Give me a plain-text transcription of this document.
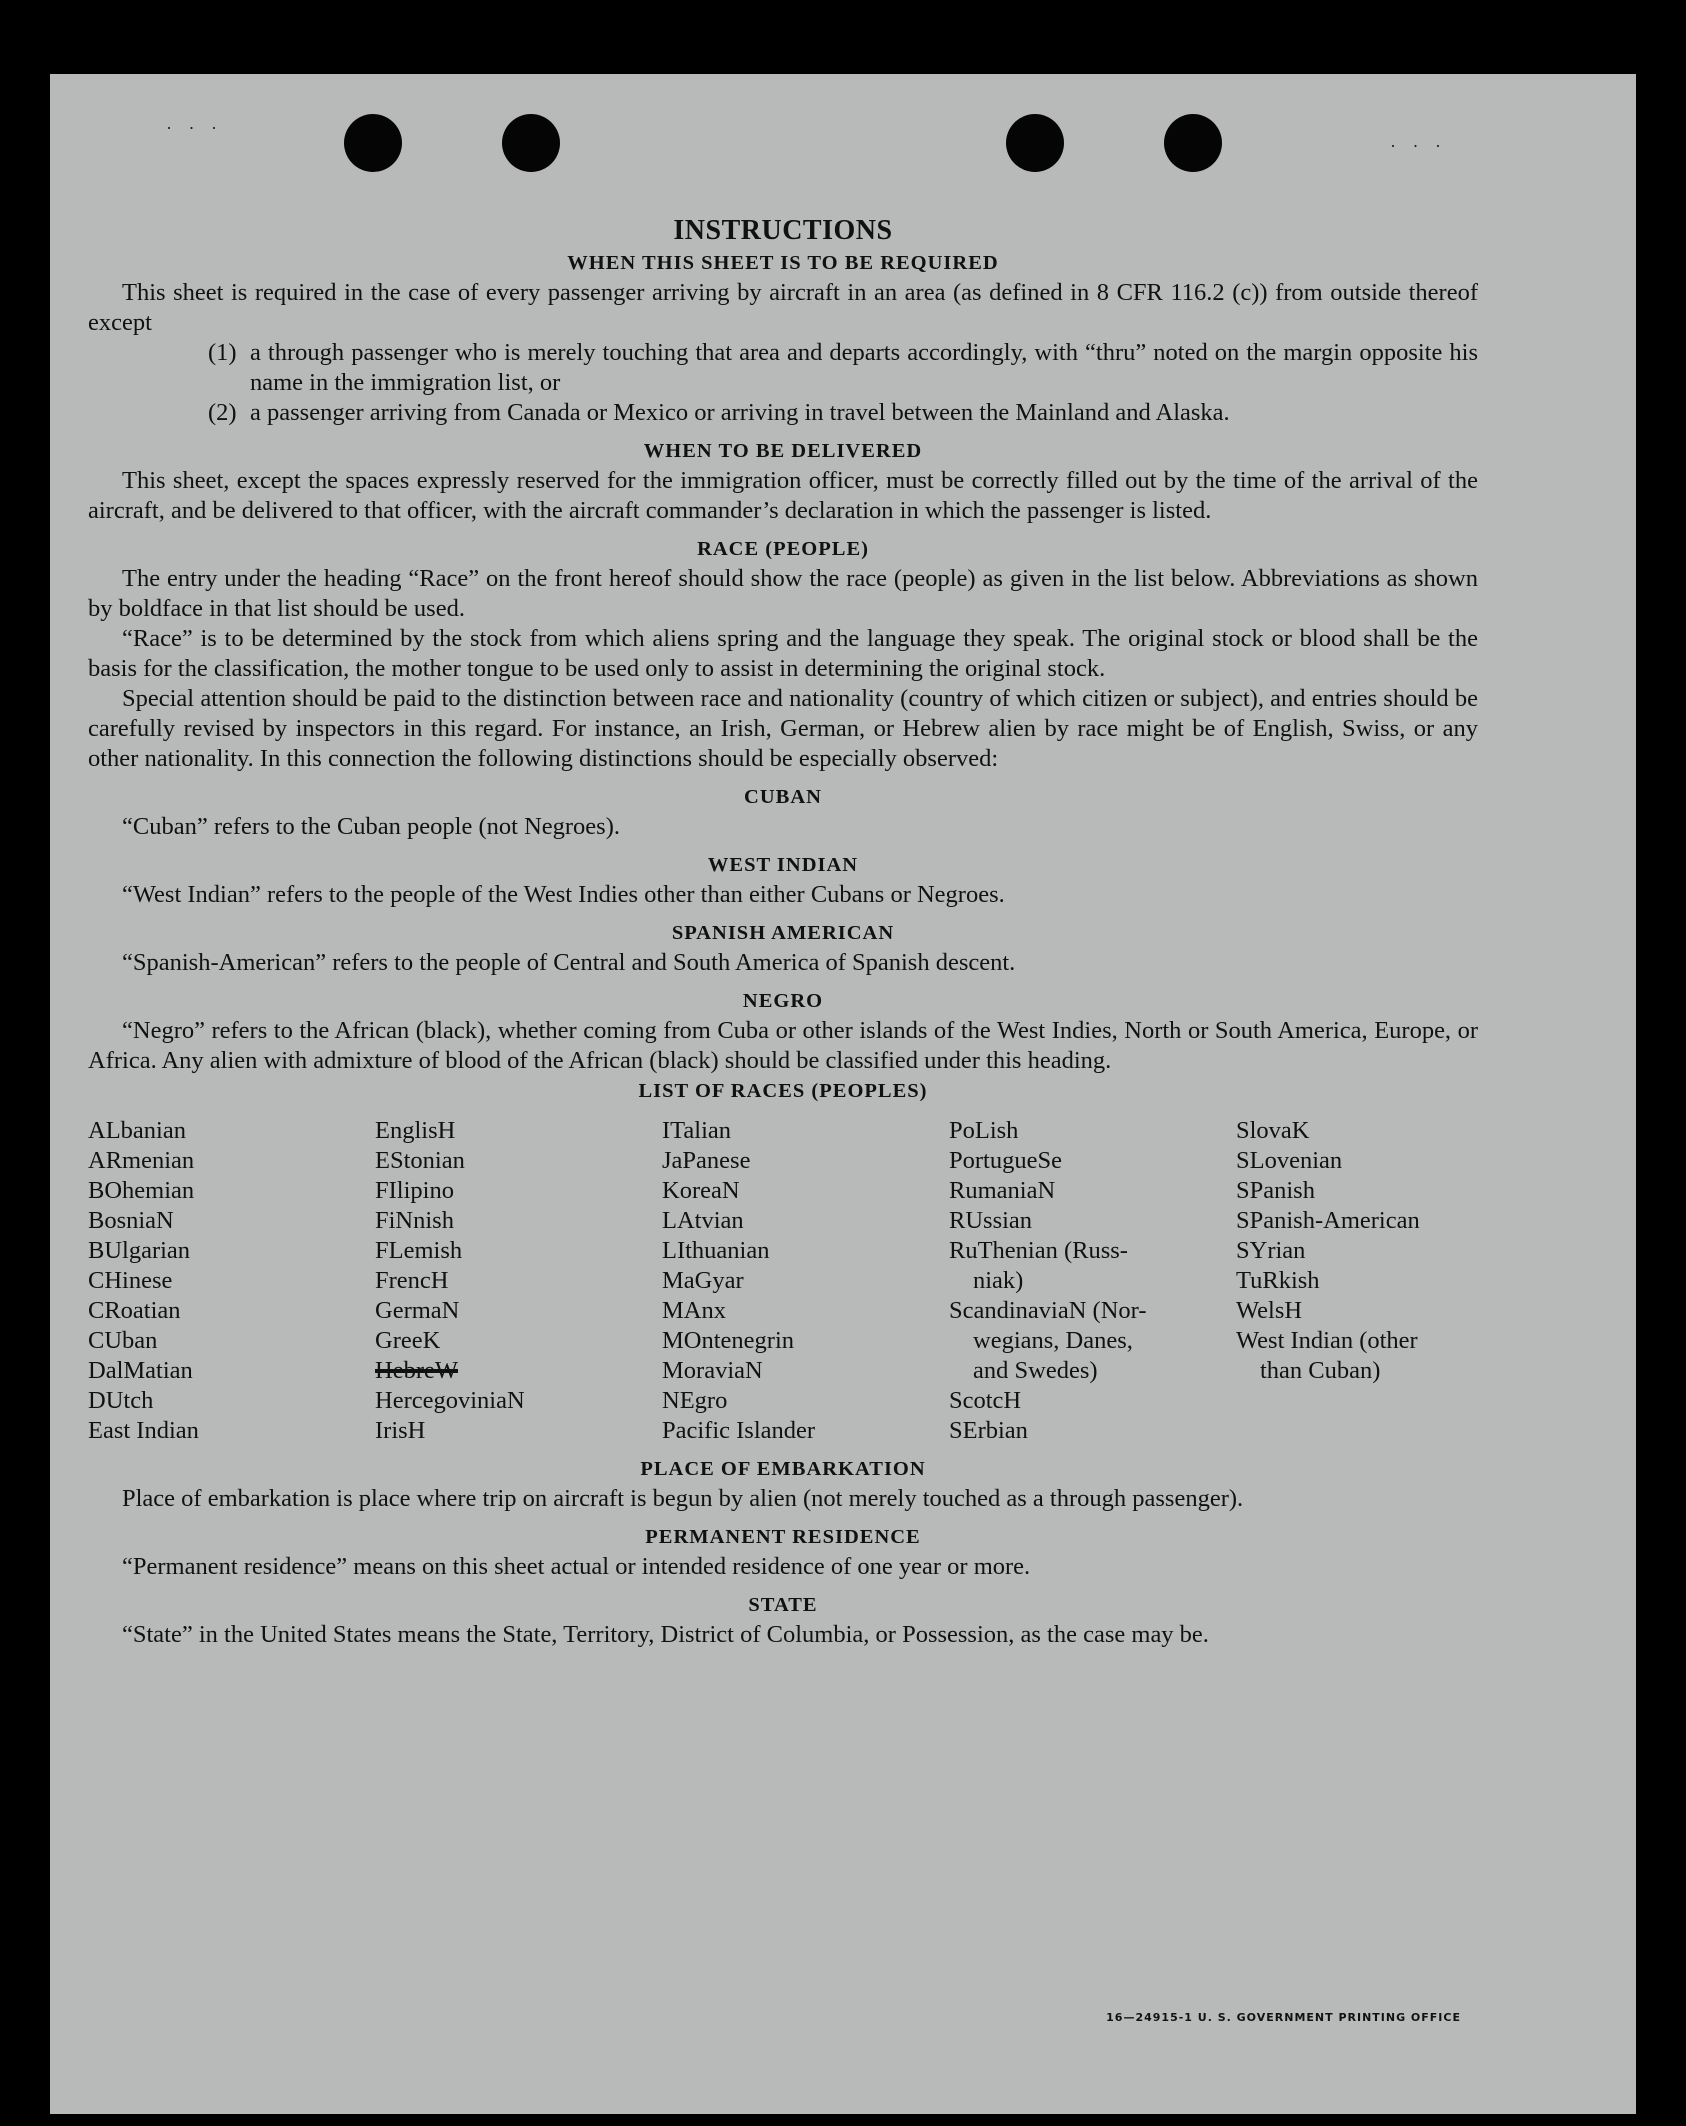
· · ·
· · ·
INSTRUCTIONS
WHEN THIS SHEET IS TO BE REQUIRED

This sheet is required in the case of every passenger arriving by aircraft in an area (as defined in 8 CFR 116.2 (c)) from outside thereof except

(1) a through passenger who is merely touching that area and departs accordingly, with “thru” noted on the margin opposite his name in the immigration list, or
(2) a passenger arriving from Canada or Mexico or arriving in travel between the Mainland and Alaska.
WHEN TO BE DELIVERED

This sheet, except the spaces expressly reserved for the immigration officer, must be correctly filled out by the time of the arrival of the aircraft, and be delivered to that officer, with the aircraft commander’s declaration in which the passenger is listed.

RACE (PEOPLE)

The entry under the heading “Race” on the front hereof should show the race (people) as given in the list below. Abbreviations as shown by boldface in that list should be used.

“Race” is to be determined by the stock from which aliens spring and the language they speak. The original stock or blood shall be the basis for the classification, the mother tongue to be used only to assist in determining the original stock.

Special attention should be paid to the distinction between race and nationality (country of which citizen or subject), and entries should be carefully revised by inspectors in this regard. For instance, an Irish, German, or Hebrew alien by race might be of English, Swiss, or any other nationality. In this connection the following distinctions should be especially observed:

CUBAN

“Cuban” refers to the Cuban people (not Negroes).

WEST INDIAN

“West Indian” refers to the people of the West Indies other than either Cubans or Negroes.

SPANISH AMERICAN

“Spanish-American” refers to the people of Central and South America of Spanish descent.

NEGRO

“Negro” refers to the African (black), whether coming from Cuba or other islands of the West Indies, North or South America, Europe, or Africa. Any alien with admixture of blood of the African (black) should be classified under this heading.

LIST OF RACES (PEOPLES)
ALbanian
ARmenian
BOhemian
BosniaN
BUlgarian
CHinese
CRoatian
CUban
DalMatian
DUtch
East Indian
EnglisH
EStonian
FIlipino
FiNnish
FLemish
FrencH
GermaN
GreeK
HebreW
HercegoviniaN
IrisH
ITalian
JaPanese
KoreaN
LAtvian
LIthuanian
MaGyar
MAnx
MOntenegrin
MoraviaN
NEgro
Pacific Islander
PoLish
PortugueSe
RumaniaN
RUssian
RuThenian (Russ-
niak)
ScandinaviaN (Nor-
wegians, Danes,
and Swedes)
ScotcH
SErbian
SlovaK
SLovenian
SPanish
SPanish-American
SYrian
TuRkish
WelsH
West Indian (other
than Cuban)
PLACE OF EMBARKATION

Place of embarkation is place where trip on aircraft is begun by alien (not merely touched as a through passenger).

PERMANENT RESIDENCE

“Permanent residence” means on this sheet actual or intended residence of one year or more.

STATE

“State” in the United States means the State, Territory, District of Columbia, or Possession, as the case may be.

16—24915-1 U. S. GOVERNMENT PRINTING OFFICE
